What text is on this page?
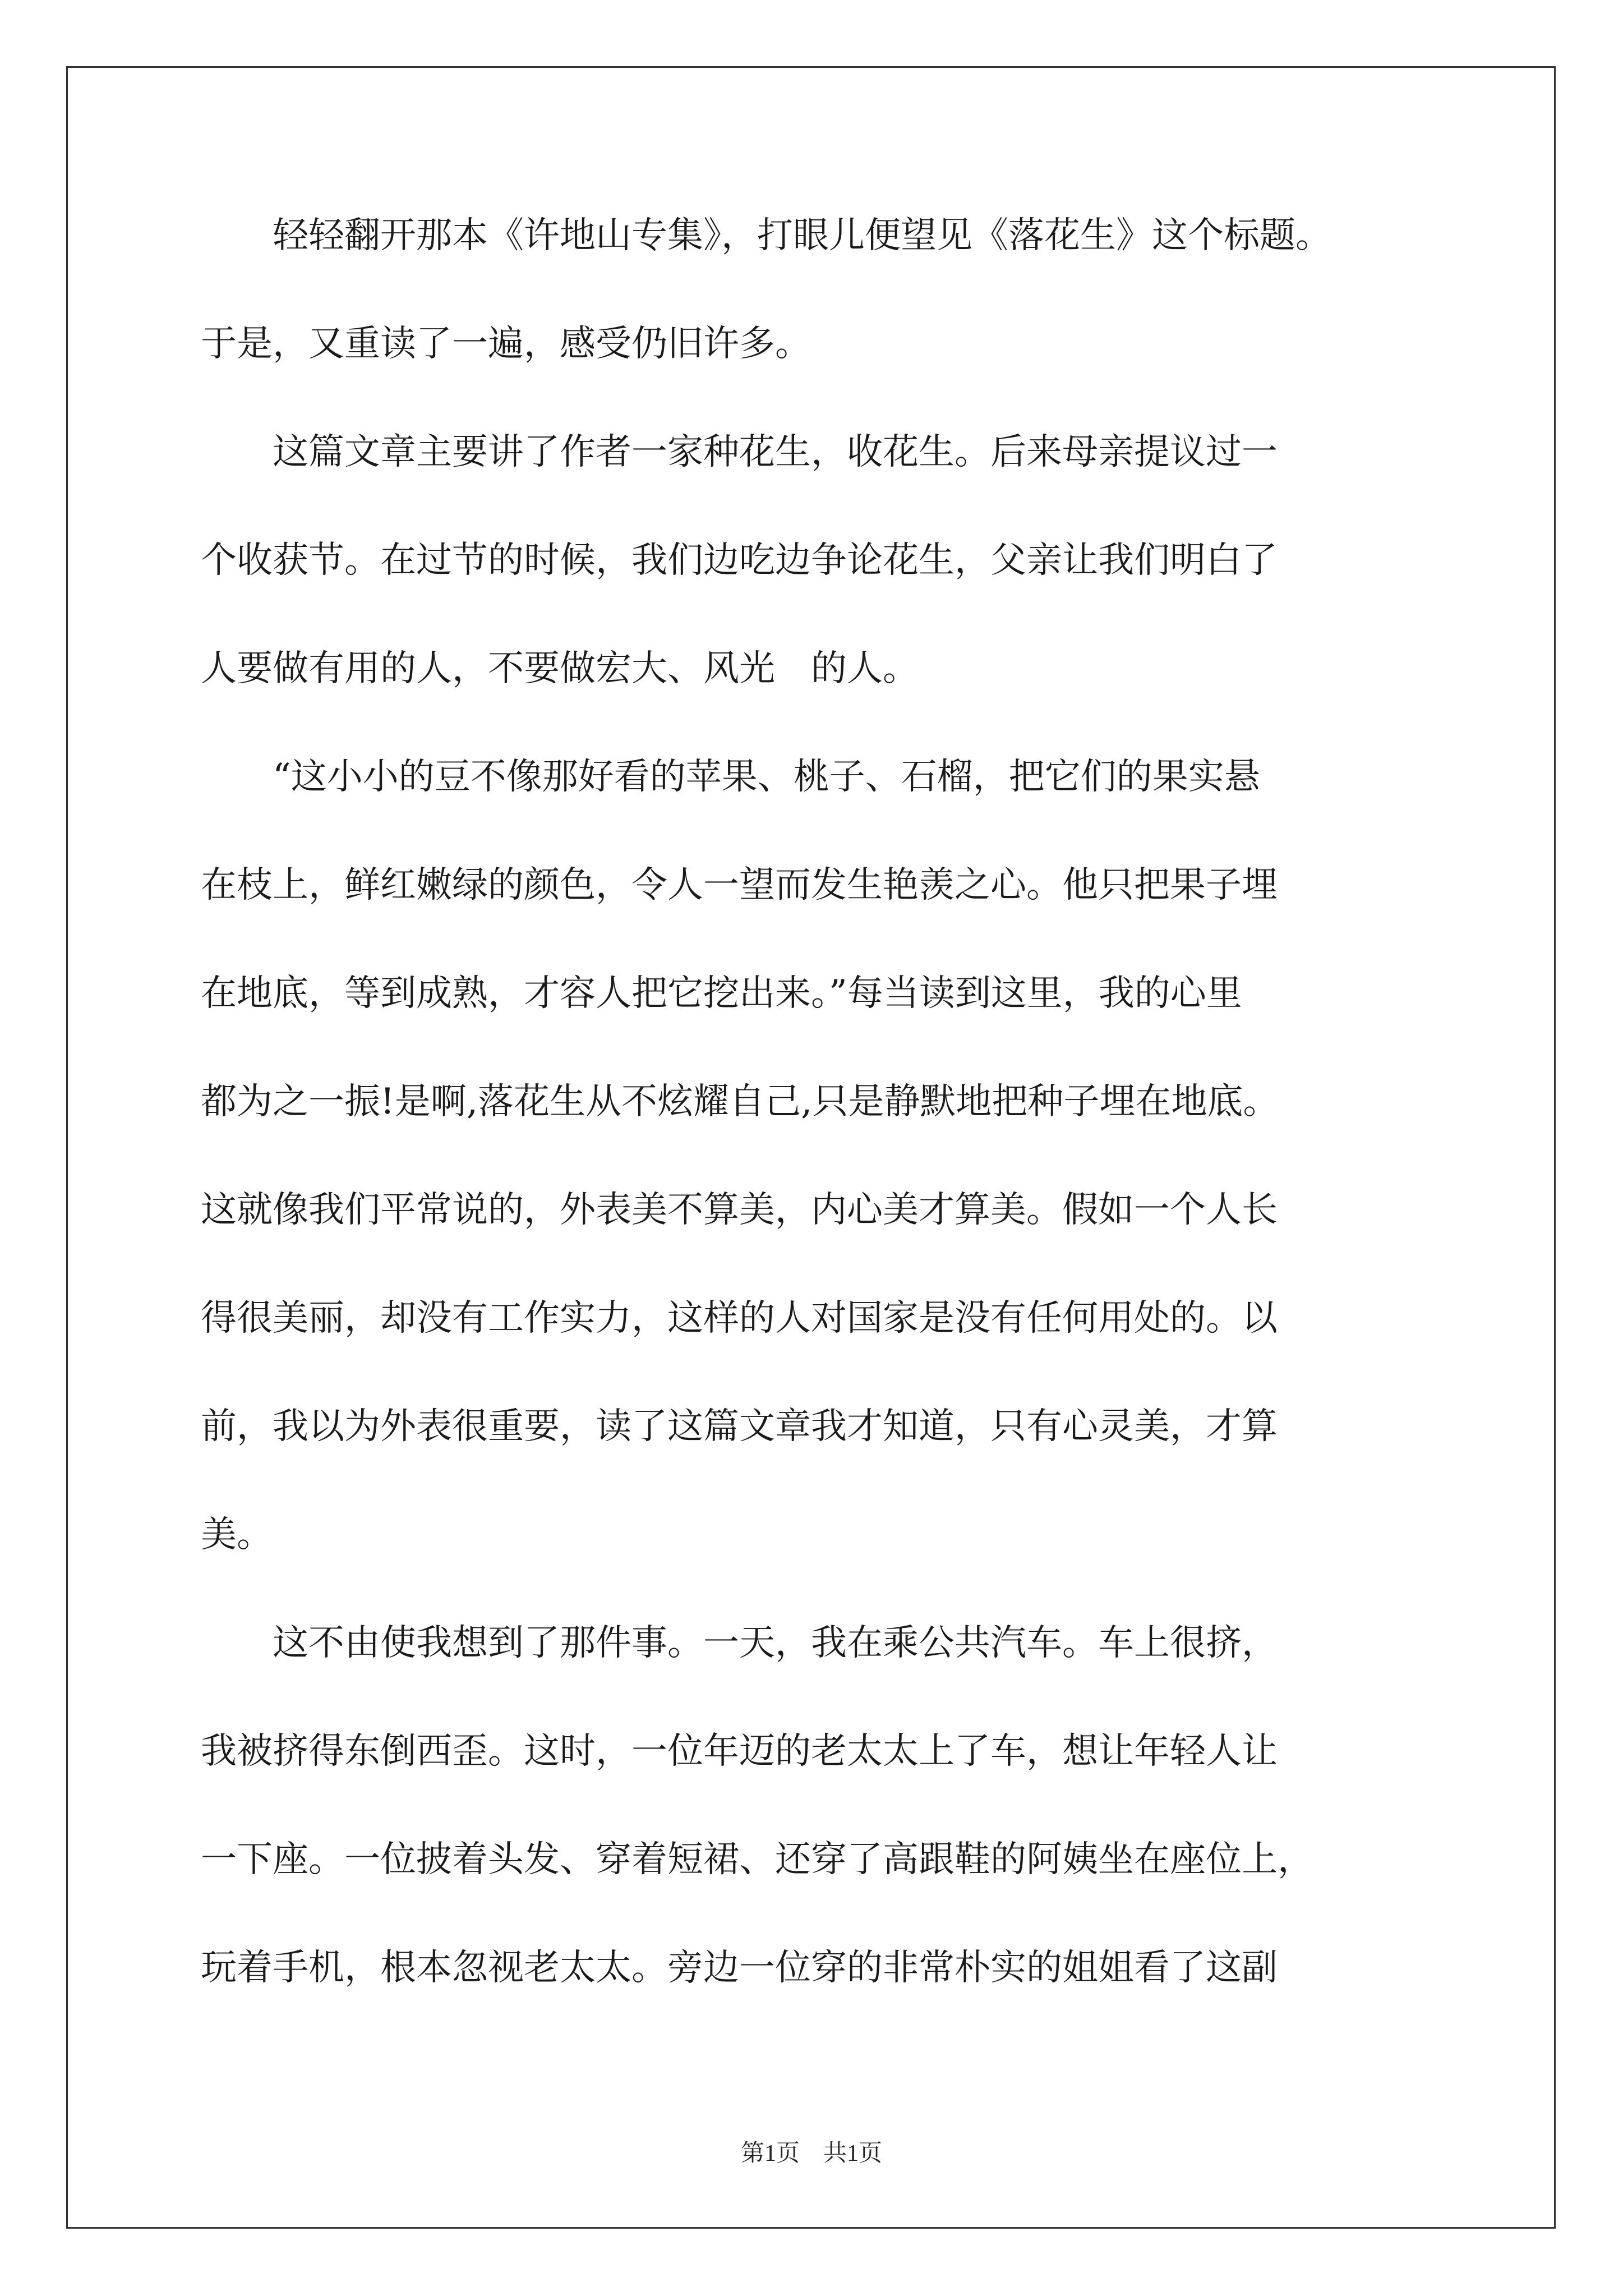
　　轻轻翻开那本《许地山专集》，打眼儿便望见《落花生》这个标题。
于是，又重读了一遍，感受仍旧许多。
　　这篇文章主要讲了作者一家种花生，收花生。后来母亲提议过一
个收获节。在过节的时候，我们边吃边争论花生，父亲让我们明白了
人要做有用的人，不要做宏大、风光　的人。
　　“这小小的豆不像那好看的苹果、桃子、石榴，把它们的果实悬
在枝上，鲜红嫩绿的颜色，令人一望而发生艳羡之心。他只把果子埋
在地底，等到成熟，才容人把它挖出来。”每当读到这里，我的心里
都为之一振!是啊,落花生从不炫耀自己,只是静默地把种子埋在地底。
这就像我们平常说的，外表美不算美，内心美才算美。假如一个人长
得很美丽，却没有工作实力，这样的人对国家是没有任何用处的。以
前，我以为外表很重要，读了这篇文章我才知道，只有心灵美，才算
美。
　　这不由使我想到了那件事。一天，我在乘公共汽车。车上很挤，
我被挤得东倒西歪。这时，一位年迈的老太太上了车，想让年轻人让
一下座。一位披着头发、穿着短裙、还穿了高跟鞋的阿姨坐在座位上，
玩着手机，根本忽视老太太。旁边一位穿的非常朴实的姐姐看了这副
第1页　共1页
